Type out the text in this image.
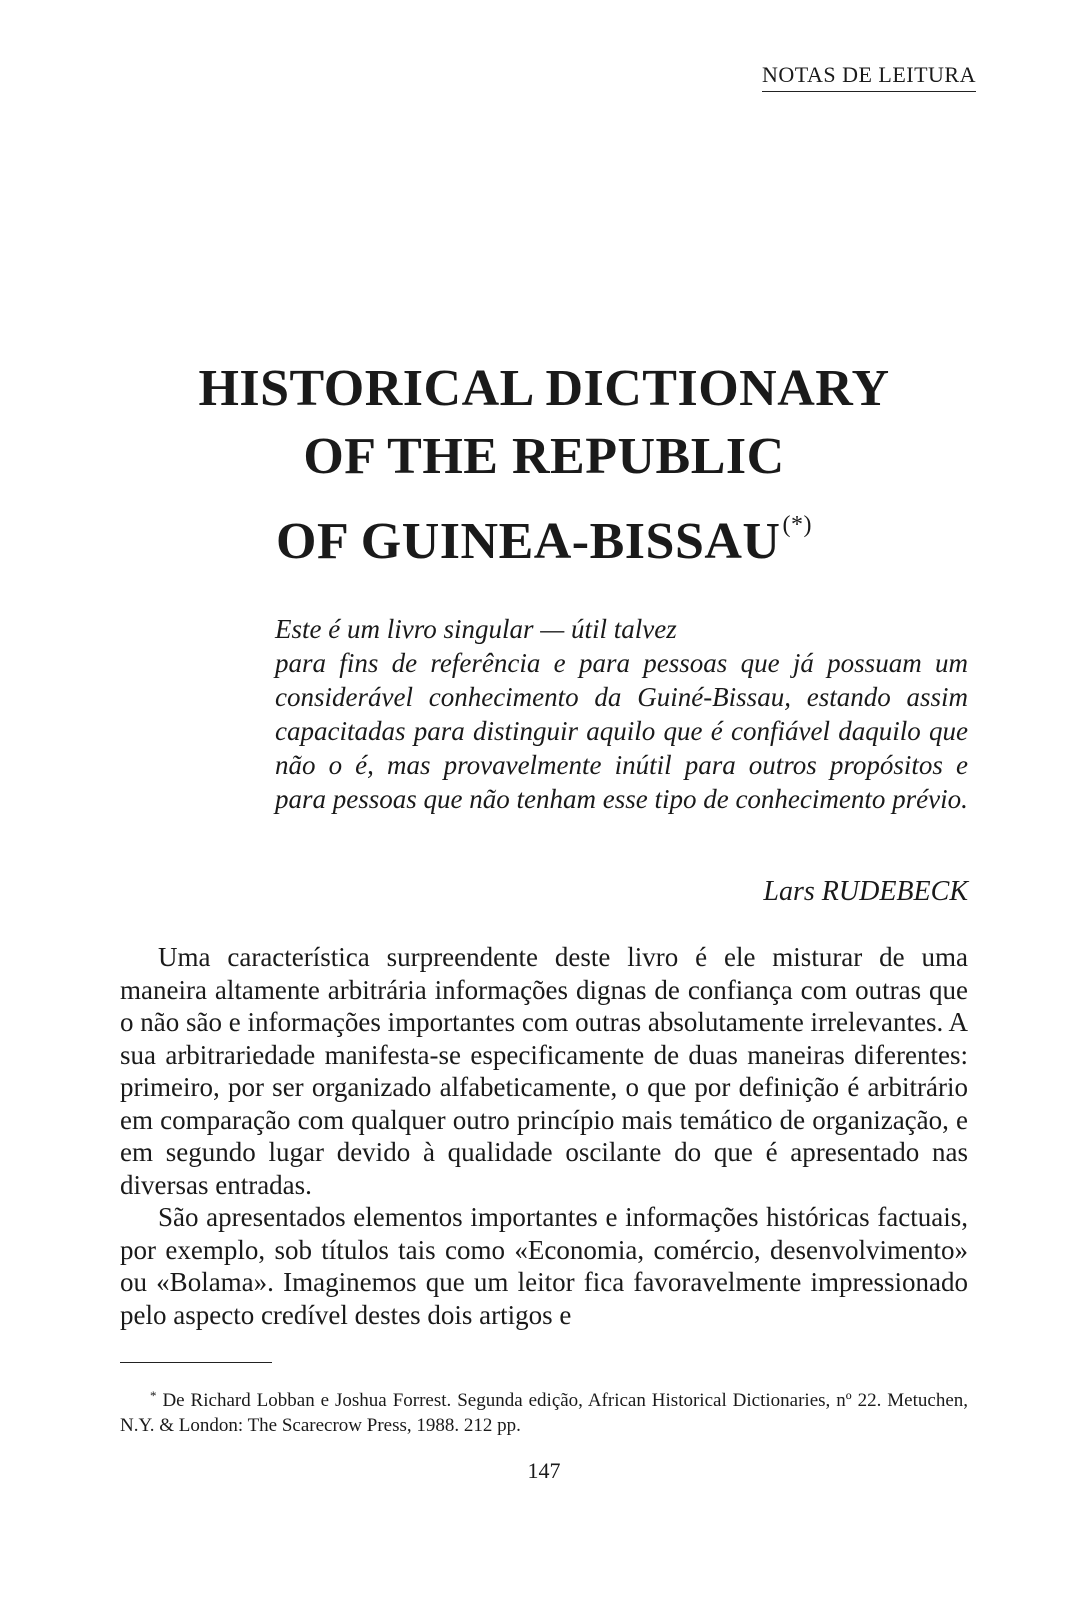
NOTAS DE LEITURA
HISTORICAL DICTIONARY
OF THE REPUBLIC
OF GUINEA-BISSAU(*)
Este é um livro singular — útil talvez
para fins de referência e para pessoas que já possuam um considerável conhecimento da Guiné-Bissau, estando assim capacitadas para distinguir aquilo que é confiável daquilo que não o é, mas provavelmente inútil para outros propósitos e para pessoas que não tenham esse tipo de conhecimento prévio.
Lars RUDEBECK

Uma característica surpreendente deste livro é ele misturar de uma maneira altamente arbitrária informações dignas de confiança com outras que o não são e informações importantes com outras absolutamente irrelevantes. A sua arbitrariedade manifesta-se especificamente de duas maneiras diferentes: primeiro, por ser organizado alfabeticamente, o que por definição é arbitrário em comparação com qualquer outro princípio mais temático de organização, e em segundo lugar devido à qualidade oscilante do que é apresentado nas diversas entradas.

São apresentados elementos importantes e informações históricas factuais, por exemplo, sob títulos tais como «Economia, comércio, desenvolvimento» ou «Bolama». Imaginemos que um leitor fica favoravelmente impressionado pelo aspecto credível destes dois artigos e

* De Richard Lobban e Joshua Forrest. Segunda edição, African Historical Dictionaries, nº 22. Metuchen, N.Y. & London: The Scarecrow Press, 1988. 212 pp.
147
